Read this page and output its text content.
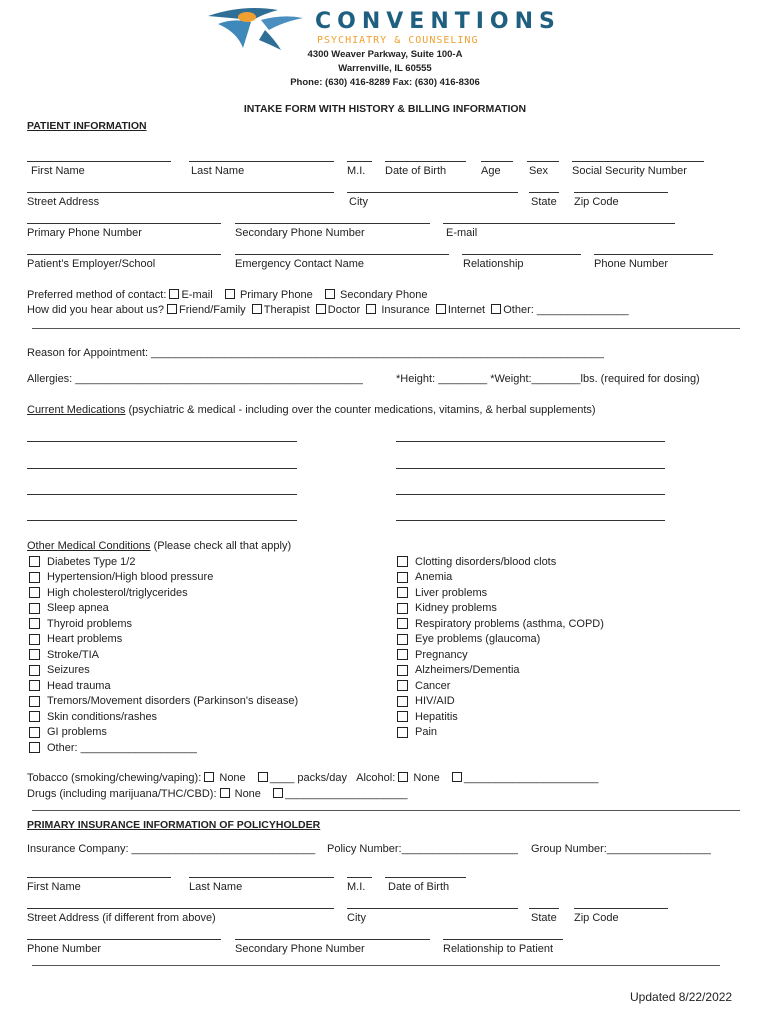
CONVENTIONS
PSYCHIATRY & COUNSELING
4300 Weaver Parkway, Suite 100-A
Warrenville, IL 60555
Phone: (630) 416-8289 Fax: (630) 416-8306
INTAKE FORM WITH HISTORY & BILLING INFORMATION
PATIENT INFORMATION
First Name	Last Name	M.I. Date of Birth	Age	Sex Social Security Number
Street Address	City	State Zip Code
Primary Phone Number	Secondary Phone Number	E-mail
Patient’s Employer/School	Emergency Contact Name	Relationship	Phone Number
Preferred method of contact: E-mail Primary Phone Secondary Phone
How did you hear about us? Friend/Family Therapist Doctor Insurance Internet Other: _______________
Reason for Appointment: __________________________________________________________________________
Allergies: _______________________________________________	*Height: ________ *Weight:________lbs. (required for dosing)
Current Medications (psychiatric & medical - including over the counter medications, vitamins, & herbal supplements)
Other Medical Conditions (Please check all that apply)
Diabetes Type 1/2
Hypertension/High blood pressure
High cholesterol/triglycerides
Sleep apnea
Thyroid problems
Heart problems
Stroke/TIA
Seizures
Head trauma
Tremors/Movement disorders (Parkinson's disease)
Skin conditions/rashes
GI problems
Other: ___________________
Clotting disorders/blood clots
Anemia
Liver problems
Kidney problems
Respiratory problems (asthma, COPD)
Eye problems (glaucoma)
Pregnancy
Alzheimers/Dementia
Cancer
HIV/AID
Hepatitis
Pain
Tobacco (smoking/chewing/vaping):  None ____ packs/day Alcohol:  None ______________________
Drugs (including marijuana/THC/CBD):  None ____________________
PRIMARY INSURANCE INFORMATION OF POLICYHOLDER
Insurance Company: ______________________________ Policy Number:___________________ Group Number:_________________
First Name	Last Name	M.I. Date of Birth
Street Address (if different from above)	City	State Zip Code
Phone Number	Secondary Phone Number	Relationship to Patient
Updated 8/22/2022
